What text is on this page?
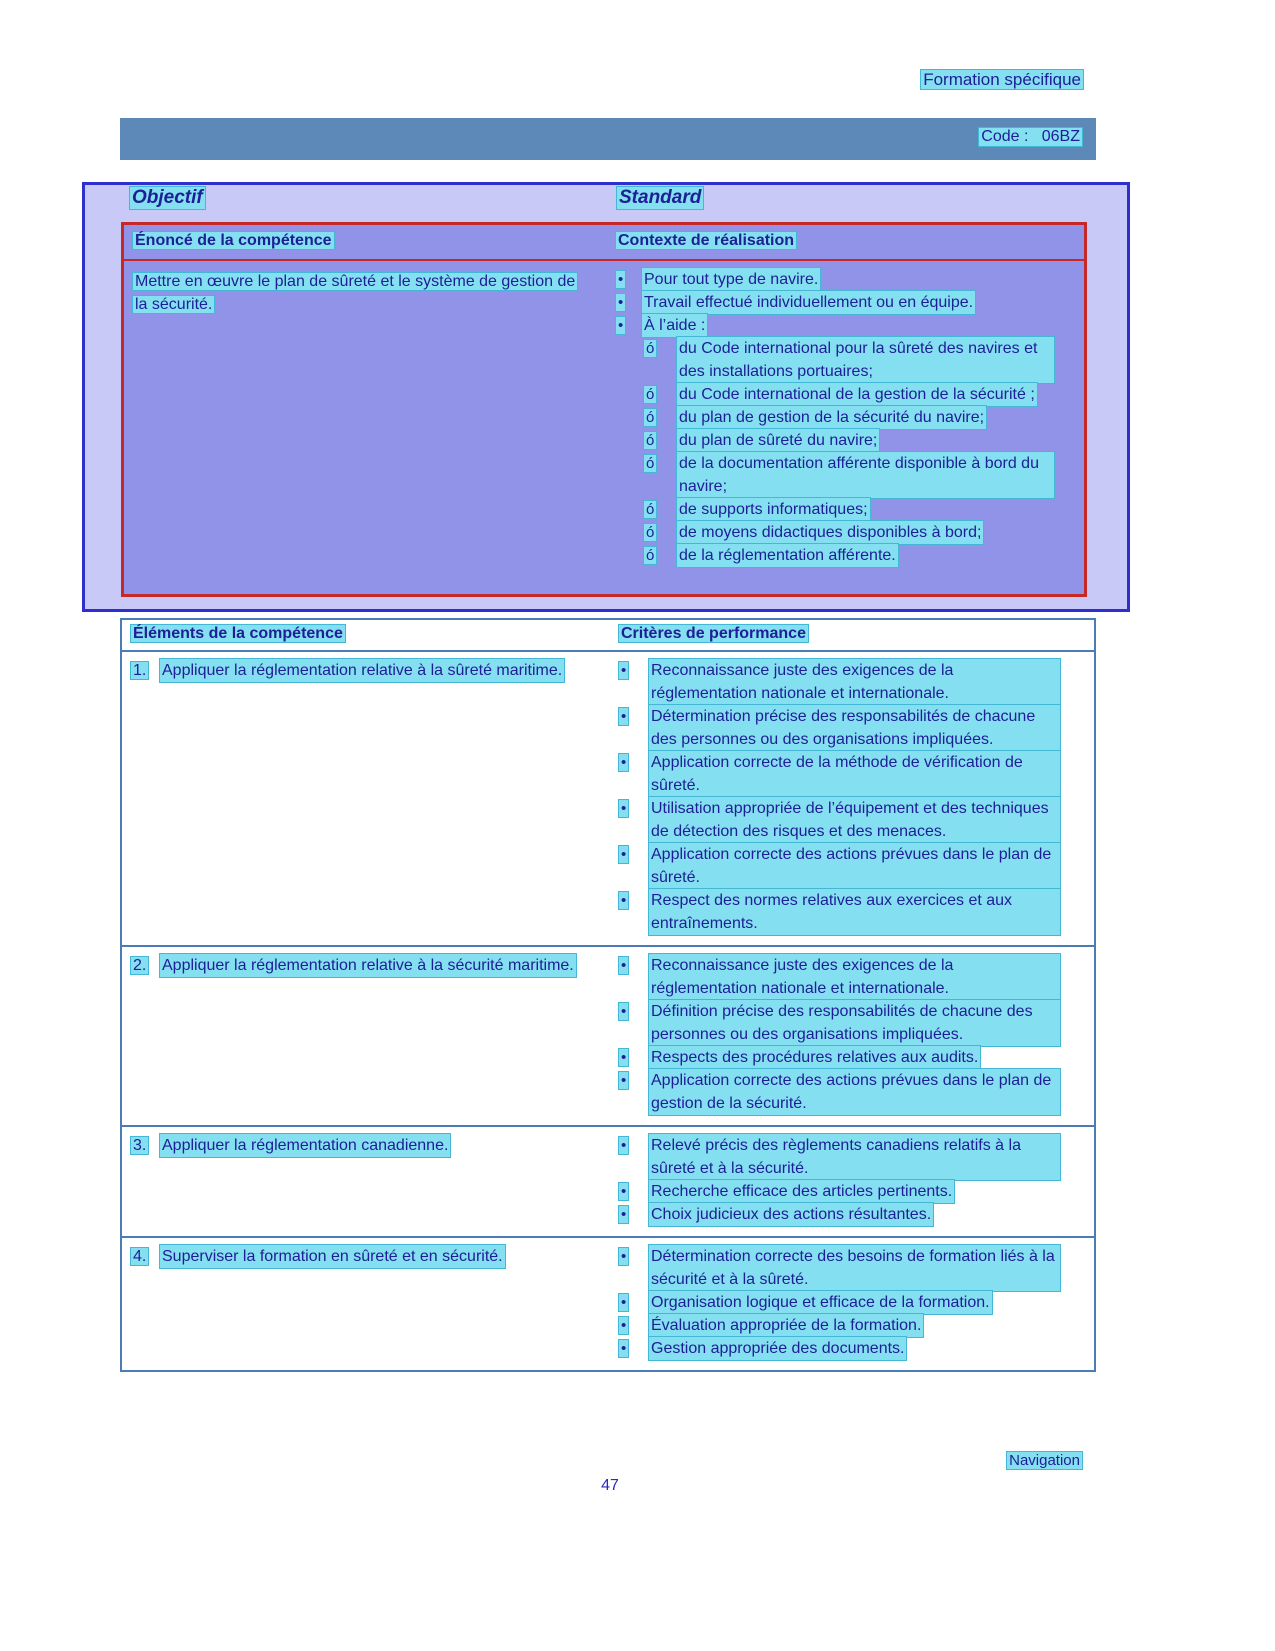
Formation spécifique
Code :   06BZ
Objectif	Standard
Énoncé de la compétence	Contexte de réalisation
Mettre en œuvre le plan de sûreté et le système de gestion de la sécurité.
•	Pour tout type de navire.
•	Travail effectué individuellement ou en équipe.
•	À l’aide :
ó	du Code international pour la sûreté des navires et des installations portuaires;
ó	du Code international de la gestion de la sécurité ;
ó	du plan de gestion de la sécurité du navire;
ó	du plan de sûreté du navire;
ó	de la documentation afférente disponible à bord du navire;
ó	de supports informatiques;
ó	de moyens didactiques disponibles à bord;
ó	de la réglementation afférente.
Éléments de la compétence	Critères de performance
1. Appliquer la réglementation relative à la sûreté maritime.	•	Reconnaissance juste des exigences de la réglementation nationale et internationale.
•	Détermination précise des responsabilités de chacune des personnes ou des organisations impliquées.
•	Application correcte de la méthode de vérification de sûreté.
•	Utilisation appropriée de l’équipement et des techniques de détection des risques et des menaces.
•	Application correcte des actions prévues dans le plan de sûreté.
•	Respect des normes relatives aux exercices et aux entraînements.
2. Appliquer la réglementation relative à la sécurité maritime.	•	Reconnaissance juste des exigences de la réglementation nationale et internationale.
•	Définition précise des responsabilités de chacune des personnes ou des organisations impliquées.
•	Respects des procédures relatives aux audits.
•	Application correcte des actions prévues dans le plan de gestion de la sécurité.
3. Appliquer la réglementation canadienne.	•	Relevé précis des règlements canadiens relatifs à la sûreté et à la sécurité.
•	Recherche efficace des articles pertinents.
•	Choix judicieux des actions résultantes.
4. Superviser la formation en sûreté et en sécurité.	•	Détermination correcte des besoins de formation liés à la sécurité et à la sûreté.
•	Organisation logique et efficace de la formation.
•	Évaluation appropriée de la formation.
•	Gestion appropriée des documents.
Navigation
47
